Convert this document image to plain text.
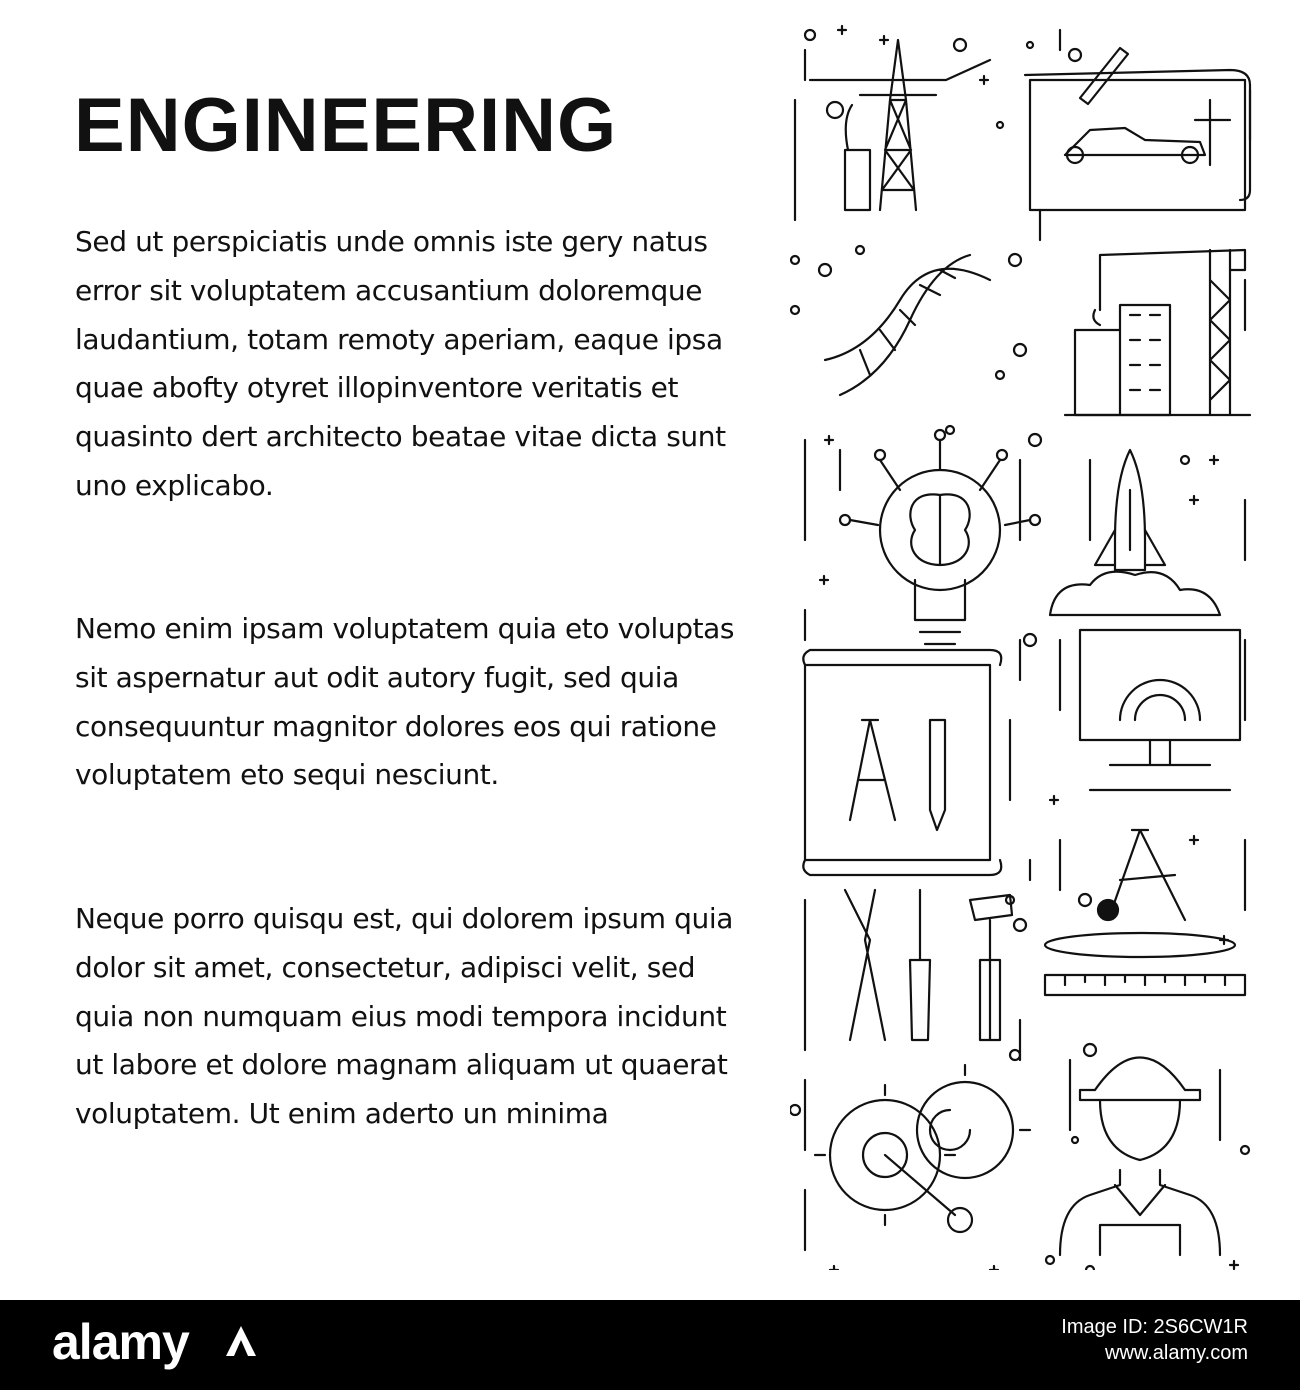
ENGINEERING

Sed ut perspiciatis unde omnis iste gery natus error sit voluptatem accusantium doloremque laudantium, totam remoty aperiam, eaque ipsa quae abofty otyret illopinventore veritatis et quasinto dert architecto beatae vitae dicta sunt uno explicabo.

Nemo enim ipsam voluptatem quia eto voluptas sit aspernatur aut odit autory fugit, sed quia consequuntur magnitor dolores eos qui ratione voluptatem eto sequi nesciunt.

Neque porro quisqu est, qui dolorem ipsum quia dolor sit amet, consectetur, adipisci velit, sed quia non numquam eius modi tempora incidunt ut labore et dolore magnam aliquam ut quaerat voluptatem. Ut enim aderto un minima

alamy	Image ID: 2S6CW1R
www.alamy.com
